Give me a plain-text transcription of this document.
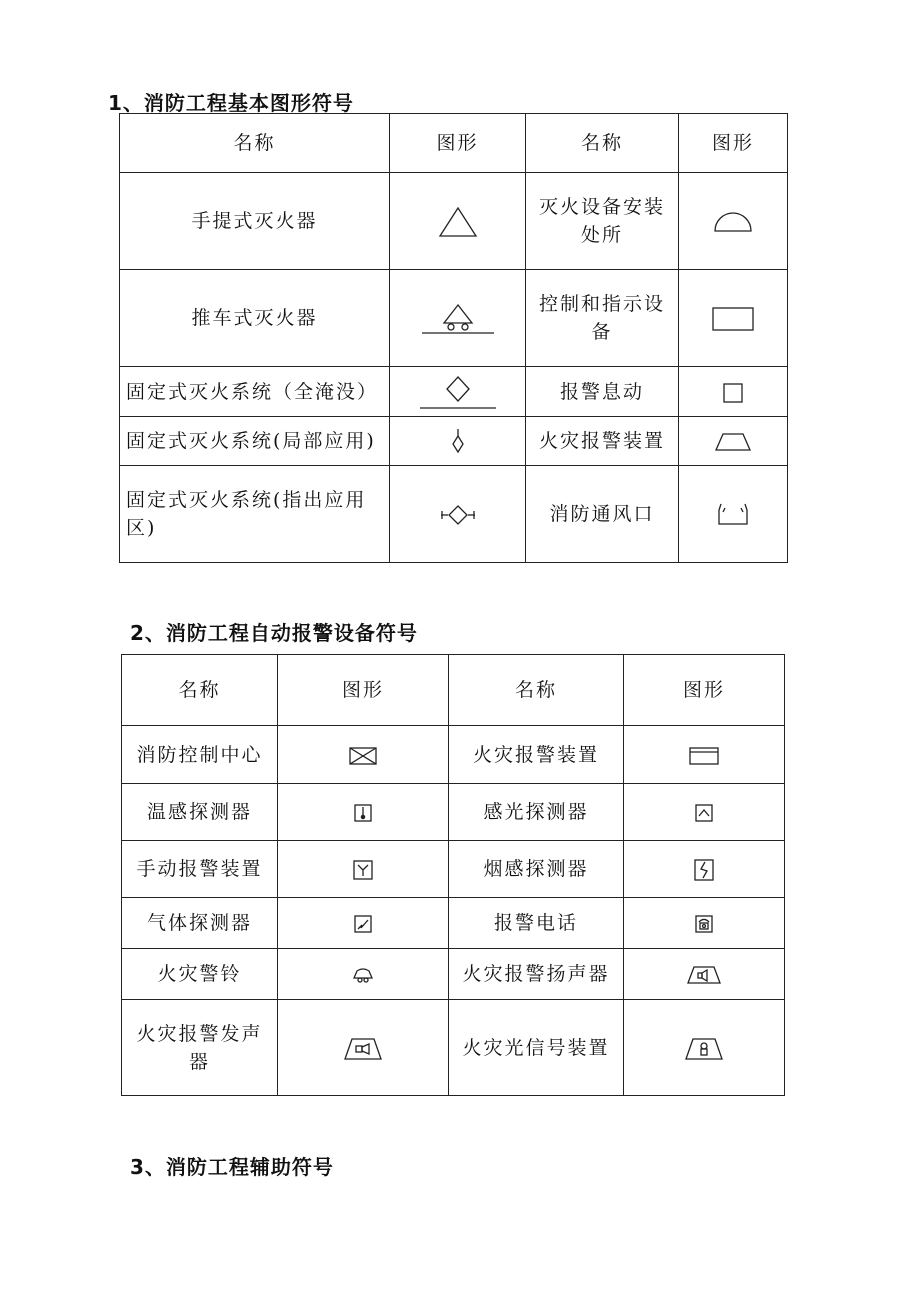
1、消防工程基本图形符号
名称	图形	名称	图形
手提式灭火器		灭火设备安装处所	
推车式灭火器		控制和指示设备	
固定式灭火系统（全淹没）		报警息动	
固定式灭火系统(局部应用)		火灾报警装置	
固定式灭火系统(指出应用区)		消防通风口	
2、消防工程自动报警设备符号
名称	图形	名称	图形
消防控制中心		火灾报警装置	
温感探测器		感光探测器	
手动报警装置		烟感探测器	
气体探测器		报警电话	
火灾警铃		火灾报警扬声器	
火灾报警发声器		火灾光信号装置	
3、消防工程辅助符号
